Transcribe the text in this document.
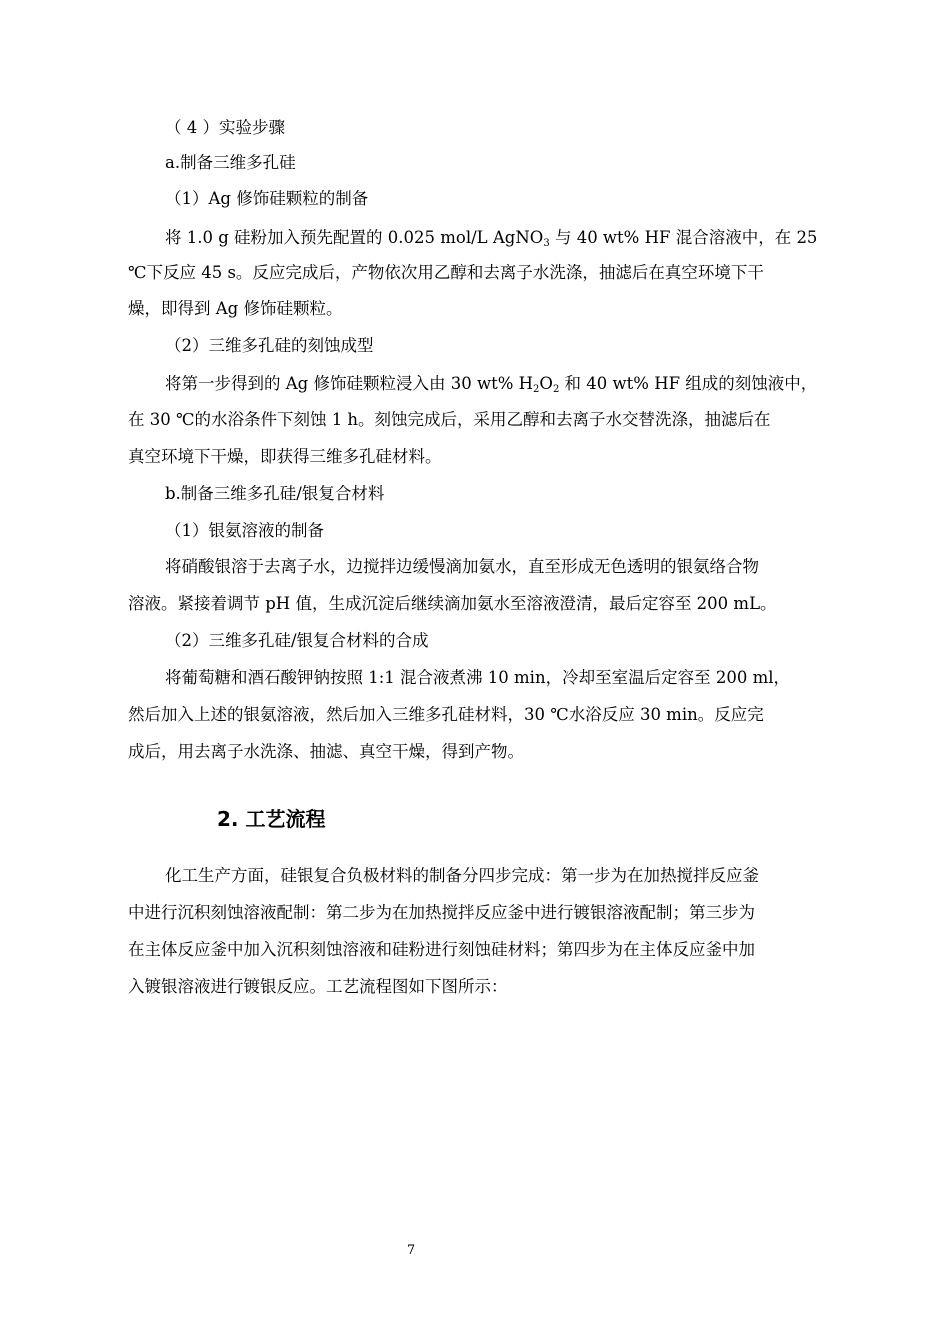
（ 4 ）实验步骤
a.制备三维多孔硅
（1）Ag 修饰硅颗粒的制备
将 1.0 g 硅粉加入预先配置的 0.025 mol/L AgNO$_3$ 与 40 wt% HF 混合溶液中，在 25
℃下反应 45 s。反应完成后，产物依次用乙醇和去离子水洗涤，抽滤后在真空环境下干
燥，即得到 Ag 修饰硅颗粒。
（2）三维多孔硅的刻蚀成型
将第一步得到的 Ag 修饰硅颗粒浸入由 30 wt% $H_2O_2$ 和 40 wt% HF 组成的刻蚀液中，
在 30 ℃的水浴条件下刻蚀 1 h。刻蚀完成后，采用乙醇和去离子水交替洗涤，抽滤后在
真空环境下干燥，即获得三维多孔硅材料。
b.制备三维多孔硅/银复合材料
（1）银氨溶液的制备
将硝酸银溶于去离子水，边搅拌边缓慢滴加氨水，直至形成无色透明的银氨络合物
溶液。紧接着调节 pH 值，生成沉淀后继续滴加氨水至溶液澄清，最后定容至 200 mL。
（2）三维多孔硅/银复合材料的合成
将葡萄糖和酒石酸钾钠按照 1:1 混合液煮沸 10 min，冷却至室温后定容至 200 ml，
然后加入上述的银氨溶液，然后加入三维多孔硅材料，30 ℃水浴反应 30 min。反应完
成后，用去离子水洗涤、抽滤、真空干燥，得到产物。
2. 工艺流程
化工生产方面，硅银复合负极材料的制备分四步完成：第一步为在加热搅拌反应釜
中进行沉积刻蚀溶液配制：第二步为在加热搅拌反应釜中进行镀银溶液配制；第三步为
在主体反应釜中加入沉积刻蚀溶液和硅粉进行刻蚀硅材料；第四步为在主体反应釜中加
入镀银溶液进行镀银反应。工艺流程图如下图所示：
7
